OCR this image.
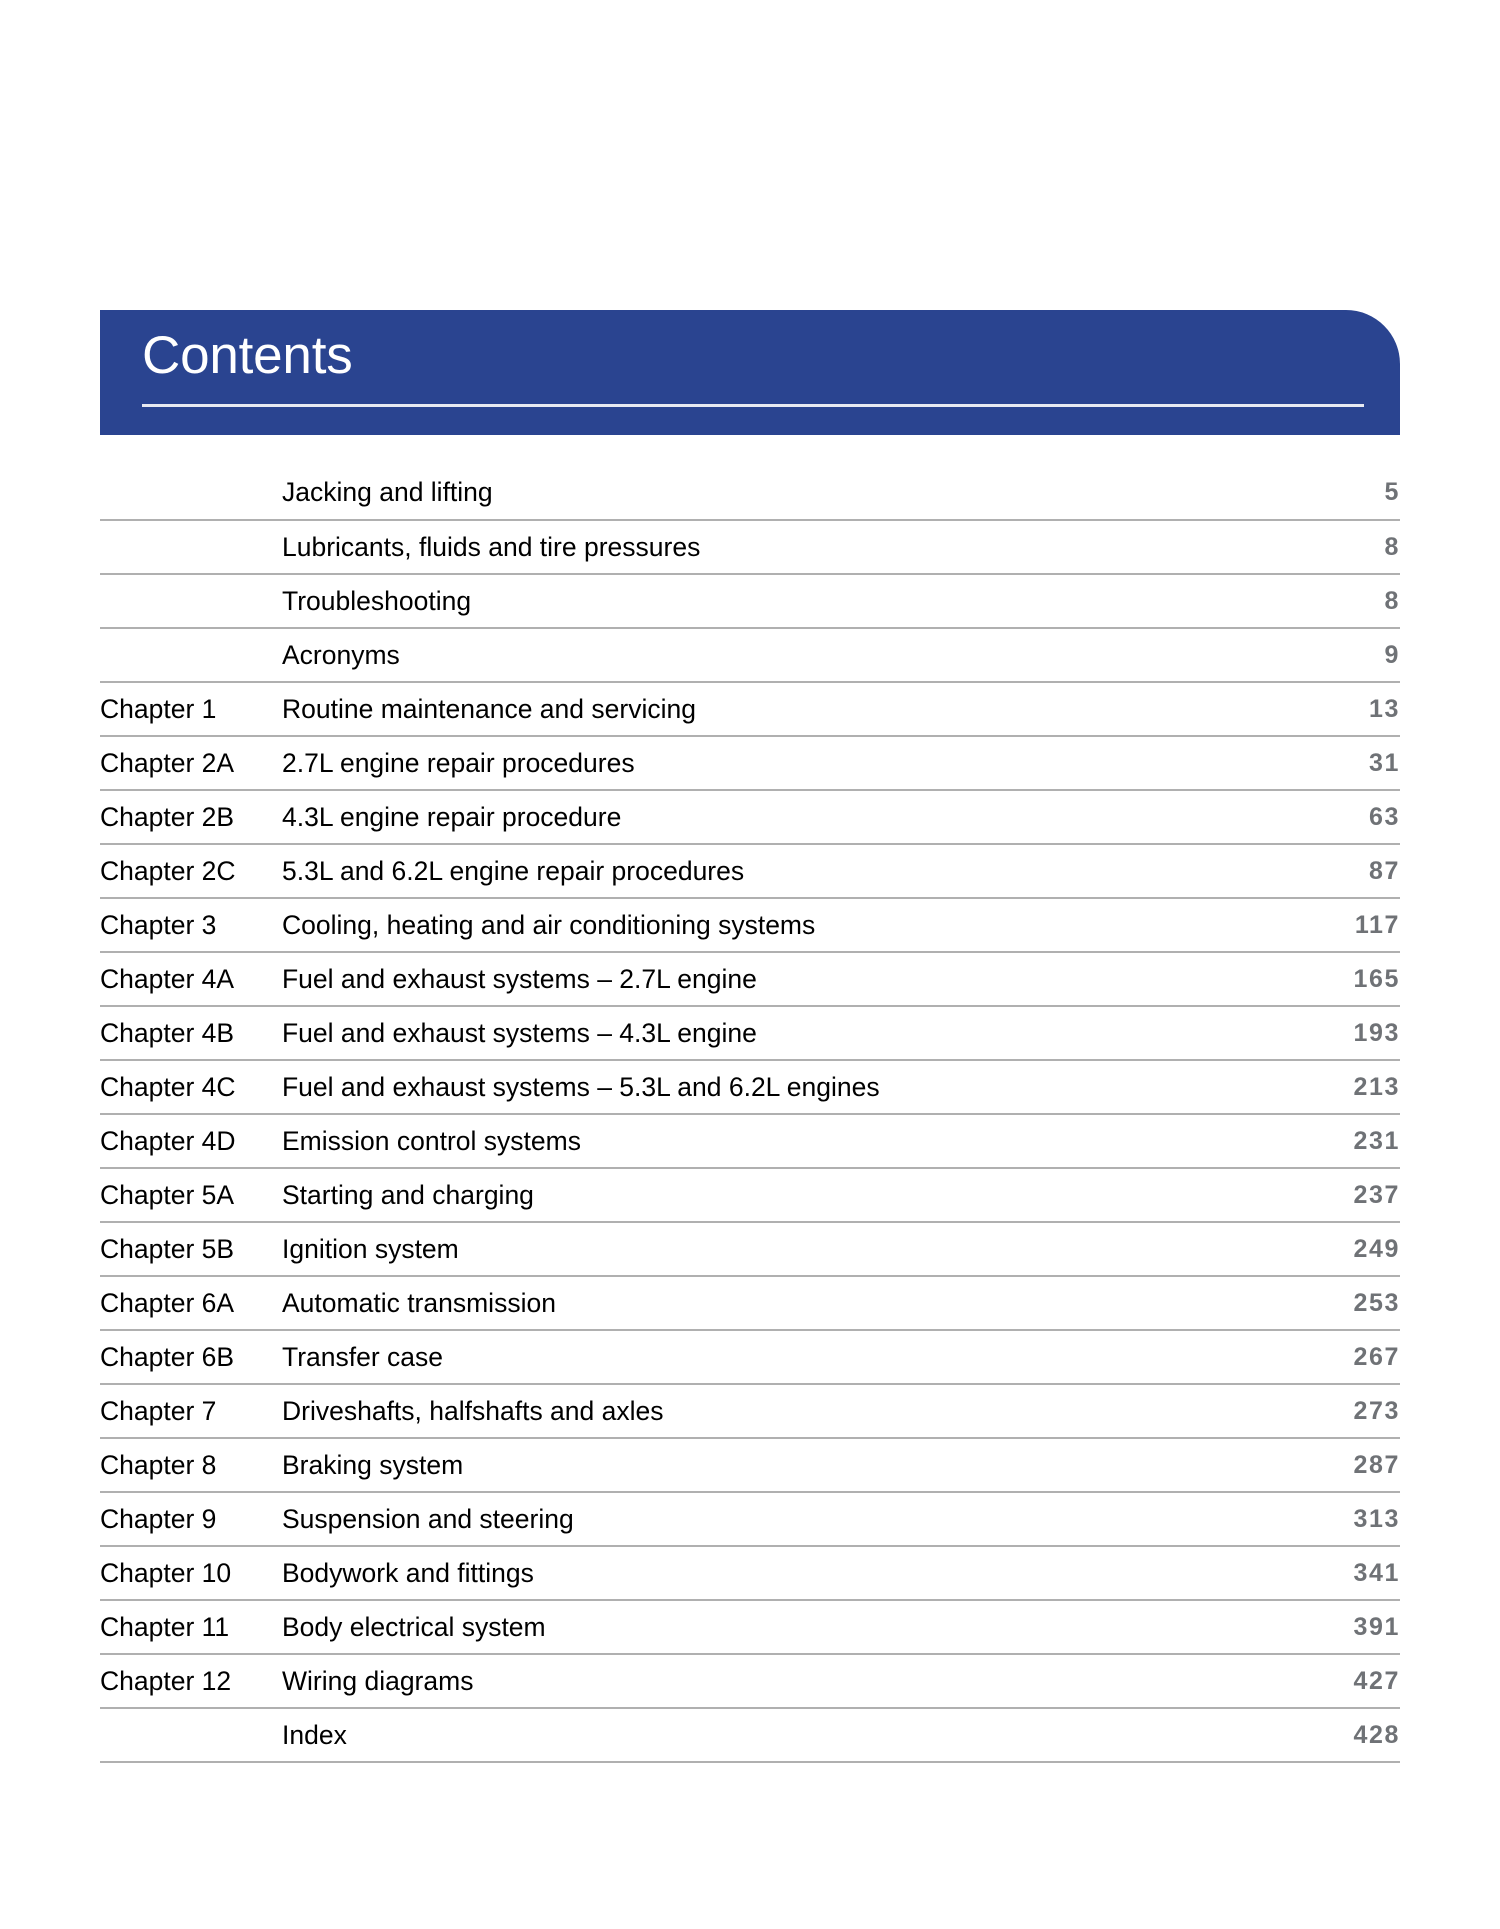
Contents
	Jacking and lifting	5
	Lubricants, fluids and tire pressures	8
	Troubleshooting	8
	Acronyms	9
Chapter 1	Routine maintenance and servicing	13
Chapter 2A	2.7L engine repair procedures	31
Chapter 2B	4.3L engine repair procedure	63
Chapter 2C	5.3L and 6.2L engine repair procedures	87
Chapter 3	Cooling, heating and air conditioning systems	117
Chapter 4A	Fuel and exhaust systems – 2.7L engine	165
Chapter 4B	Fuel and exhaust systems – 4.3L engine	193
Chapter 4C	Fuel and exhaust systems – 5.3L and 6.2L engines	213
Chapter 4D	Emission control systems	231
Chapter 5A	Starting and charging	237
Chapter 5B	Ignition system	249
Chapter 6A	Automatic transmission	253
Chapter 6B	Transfer case	267
Chapter 7	Driveshafts, halfshafts and axles	273
Chapter 8	Braking system	287
Chapter 9	Suspension and steering	313
Chapter 10	Bodywork and fittings	341
Chapter 11	Body electrical system	391
Chapter 12	Wiring diagrams	427
	Index	428
